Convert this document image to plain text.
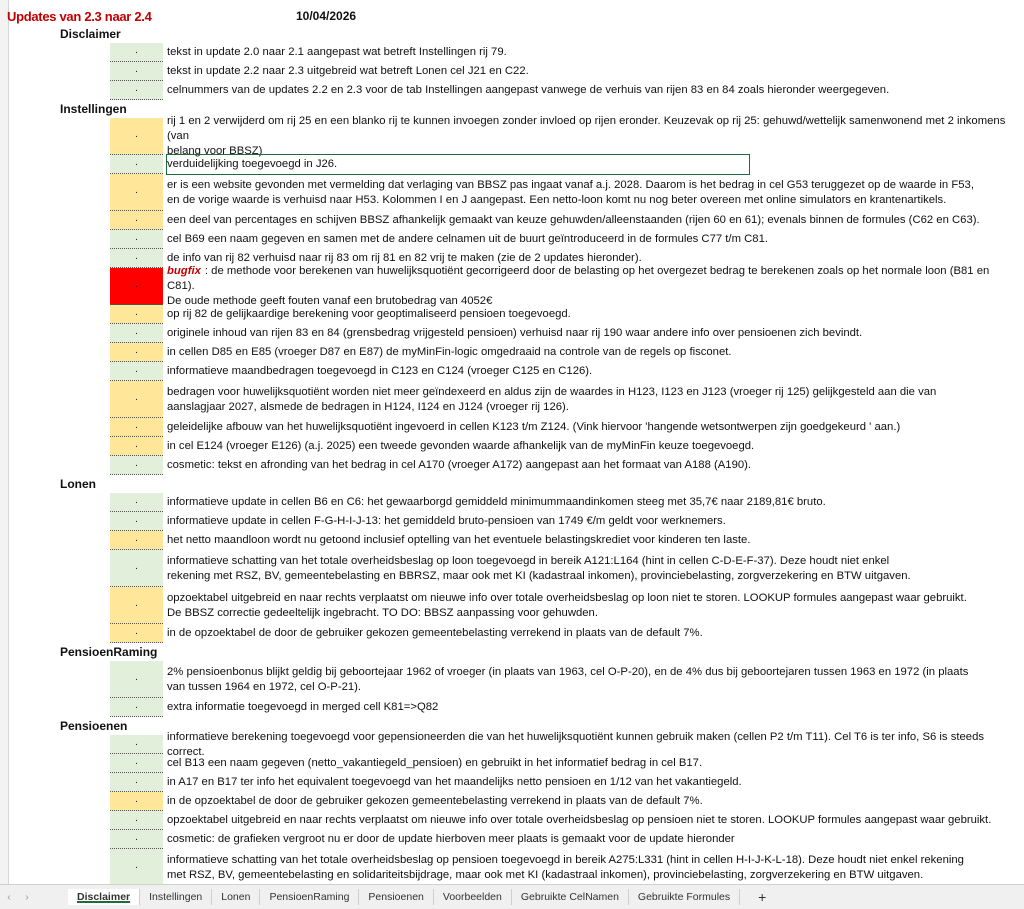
Updates van 2.3 naar 2.4	10/04/2026
Disclaimer
·	tekst in update 2.0 naar 2.1 aangepast wat betreft Instellingen rij 79.
·	tekst in update 2.2 naar 2.3 uitgebreid wat betreft Lonen cel J21 en C22.
·	celnummers van de updates 2.2 en 2.3 voor de tab Instellingen aangepast vanwege de verhuis van rijen 83 en 84 zoals hieronder weergegeven.
Instellingen
·
rij 1 en 2 verwijderd om rij 25 en een blanko rij te kunnen invoegen zonder invloed op rijen eronder. Keuzevak op rij 25: gehuwd/wettelijk samenwonend met 2 inkomens (van
belang voor BBSZ)
·	verduidelijking toegevoegd in J26.
·
er is een website gevonden met vermelding dat verlaging van BBSZ pas ingaat vanaf a.j. 2028. Daarom is het bedrag in cel G53 teruggezet op de waarde in F53,
en de vorige waarde is verhuisd naar H53. Kolommen I en J aangepast. Een netto-loon komt nu nog beter overeen met online simulators en krantenartikels.
·	een deel van percentages en schijven BBSZ afhankelijk gemaakt van keuze gehuwden/alleenstaanden (rijen 60 en 61); evenals binnen de formules (C62 en C63).
·	cel B69 een naam gegeven en samen met de andere celnamen uit de buurt geïntroduceerd in de formules C77 t/m C81.
·	de info van rij 82 verhuisd naar rij 83 om rij 81 en 82 vrij te maken (zie de 2 updates hieronder).
·
bugfix : de methode voor berekenen van huwelijksquotiënt gecorrigeerd door de belasting op het overgezet bedrag te berekenen zoals op het normale loon (B81 en C81).
De oude methode geeft fouten vanaf een brutobedrag van 4052€
·	op rij 82 de gelijkaardige berekening voor geoptimaliseerd pensioen toegevoegd.
·	originele inhoud van rijen 83 en 84 (grensbedrag vrijgesteld pensioen) verhuisd naar rij 190 waar andere info over pensioenen zich bevindt.
·	in cellen D85 en E85 (vroeger D87 en E87) de myMinFin-logic omgedraaid na controle van de regels op fisconet.
·	informatieve maandbedragen toegevoegd in C123 en C124 (vroeger C125 en C126).
·
bedragen voor huwelijksquotiënt worden niet meer geïndexeerd en aldus zijn de waardes in H123, I123 en J123 (vroeger rij 125) gelijkgesteld aan die van
aanslagjaar 2027, alsmede de bedragen in H124, I124 en J124 (vroeger rij 126).
·	geleidelijke afbouw van het huwelijksquotiënt ingevoerd in cellen K123 t/m Z124. (Vink hiervoor 'hangende wetsontwerpen zijn goedgekeurd ' aan.)
·	in cel E124 (vroeger E126) (a.j. 2025) een tweede gevonden waarde afhankelijk van de myMinFin keuze toegevoegd.
·	cosmetic: tekst en afronding van het bedrag in cel A170 (vroeger A172) aangepast aan het formaat van A188 (A190).
Lonen
·	informatieve update in cellen B6 en C6: het gewaarborgd gemiddeld minimummaandinkomen steeg met 35,7€ naar 2189,81€ bruto.
·	informatieve update in cellen F-G-H-I-J-13: het gemiddeld bruto-pensioen van 1749 €/m geldt voor werknemers.
·	het netto maandloon wordt nu getoond inclusief optelling van het eventuele belastingskrediet voor kinderen ten laste.
·
informatieve schatting van het totale overheidsbeslag op loon toegevoegd in bereik A121:L164 (hint in cellen C-D-E-F-37). Deze houdt niet enkel
rekening met RSZ, BV, gemeentebelasting en BBRSZ, maar ook met KI (kadastraal inkomen), provinciebelasting, zorgverzekering en BTW uitgaven.
·
opzoektabel uitgebreid en naar rechts verplaatst om nieuwe info over totale overheidsbeslag op loon niet te storen. LOOKUP formules aangepast waar gebruikt.
De BBSZ correctie gedeeltelijk ingebracht. TO DO: BBSZ aanpassing voor gehuwden.
·	in de opzoektabel de door de gebruiker gekozen gemeentebelasting verrekend in plaats van de default 7%.
PensioenRaming
·
2% pensioenbonus blijkt geldig bij geboortejaar 1962 of vroeger (in plaats van 1963, cel O-P-20), en de 4% dus bij geboortejaren tussen 1963 en 1972 (in plaats
van tussen 1964 en 1972, cel O-P-21).
·	extra informatie toegevoegd in merged cell K81=>Q82
Pensioenen
·
informatieve berekening toegevoegd voor gepensioneerden die van het huwelijksquotiënt kunnen gebruik maken (cellen P2 t/m T11). Cel T6 is ter info, S6 is steeds correct.
·	cel B13 een naam gegeven (netto_vakantiegeld_pensioen) en gebruikt in het informatief bedrag in cel B17.
·	in A17 en B17 ter info het equivalent toegevoegd van het maandelijks netto pensioen en 1/12 van het vakantiegeld.
·	in de opzoektabel de door de gebruiker gekozen gemeentebelasting verrekend in plaats van de default 7%.
·	opzoektabel uitgebreid en naar rechts verplaatst om nieuwe info over totale overheidsbeslag op pensioen niet te storen. LOOKUP formules aangepast waar gebruikt.
·	cosmetic: de grafieken vergroot nu er door de update hierboven meer plaats is gemaakt voor de update hieronder
·
informatieve schatting van het totale overheidsbeslag op pensioen toegevoegd in bereik A275:L331 (hint in cellen H-I-J-K-L-18). Deze houdt niet enkel rekening
met RSZ, BV, gemeentebelasting en solidariteitsbijdrage, maar ook met KI (kadastraal inkomen), provinciebelasting, zorgverzekering en BTW uitgaven.
‹	›	Disclaimer	Instellingen	Lonen	PensioenRaming	Pensioenen	Voorbeelden	Gebruikte CelNamen	Gebruikte Formules	+
